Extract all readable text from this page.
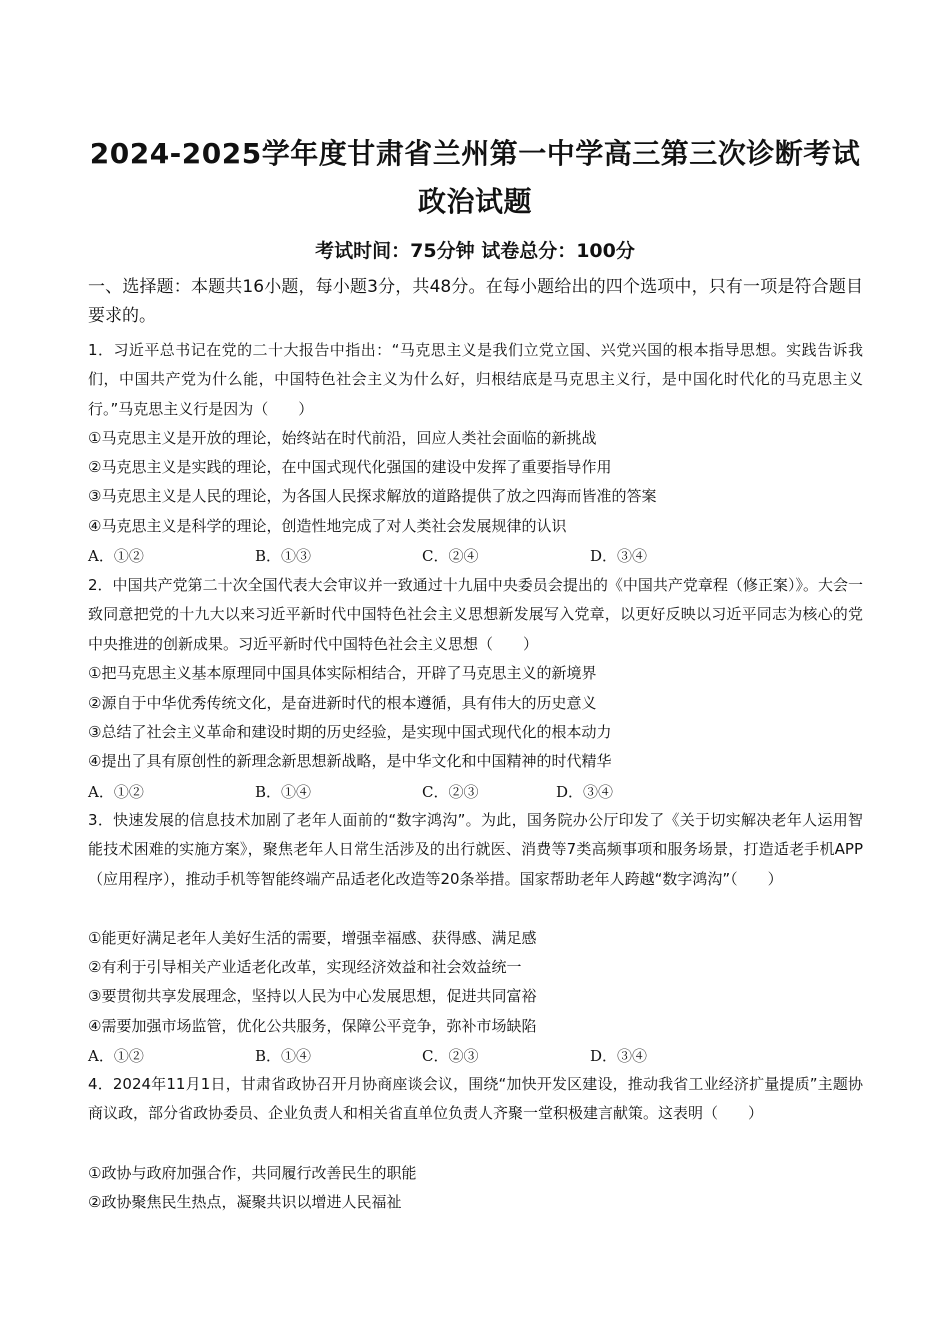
2024-2025学年度甘肃省兰州第一中学高三第三次诊断考试
政治试题
考试时间：75分钟 试卷总分：100分
一、选择题：本题共16小题，每小题3分，共48分。在每小题给出的四个选项中，只有一项是符合题目要求的。
1．习近平总书记在党的二十大报告中指出：“马克思主义是我们立党立国、兴党兴国的根本指导思想。实践告诉我们，中国共产党为什么能，中国特色社会主义为什么好，归根结底是马克思主义行，是中国化时代化的马克思主义行。”马克思主义行是因为（　　）
①马克思主义是开放的理论，始终站在时代前沿，回应人类社会面临的新挑战
②马克思主义是实践的理论，在中国式现代化强国的建设中发挥了重要指导作用
③马克思主义是人民的理论，为各国人民探求解放的道路提供了放之四海而皆准的答案
④马克思主义是科学的理论，创造性地完成了对人类社会发展规律的认识
A．①②	B．①③	C．②④	D．③④
2．中国共产党第二十次全国代表大会审议并一致通过十九届中央委员会提出的《中国共产党章程（修正案）》。大会一致同意把党的十九大以来习近平新时代中国特色社会主义思想新发展写入党章，以更好反映以习近平同志为核心的党中央推进的创新成果。习近平新时代中国特色社会主义思想（　　）
①把马克思主义基本原理同中国具体实际相结合，开辟了马克思主义的新境界
②源自于中华优秀传统文化，是奋进新时代的根本遵循，具有伟大的历史意义
③总结了社会主义革命和建设时期的历史经验，是实现中国式现代化的根本动力
④提出了具有原创性的新理念新思想新战略，是中华文化和中国精神的时代精华
A．①②	B．①④	C．②③	D．③④
3．快速发展的信息技术加剧了老年人面前的“数字鸿沟”。为此，国务院办公厅印发了《关于切实解决老年人运用智能技术困难的实施方案》，聚焦老年人日常生活涉及的出行就医、消费等7类高频事项和服务场景，打造适老手机APP（应用程序），推动手机等智能终端产品适老化改造等20条举措。国家帮助老年人跨越“数字鸿沟”（　　）
①能更好满足老年人美好生活的需要，增强幸福感、获得感、满足感
②有利于引导相关产业适老化改革，实现经济效益和社会效益统一
③要贯彻共享发展理念，坚持以人民为中心发展思想，促进共同富裕
④需要加强市场监管，优化公共服务，保障公平竞争，弥补市场缺陷
A．①②	B．①④	C．②③	D．③④
4．2024年11月1日，甘肃省政协召开月协商座谈会议，围绕“加快开发区建设，推动我省工业经济扩量提质”主题协商议政，部分省政协委员、企业负责人和相关省直单位负责人齐聚一堂积极建言献策。这表明（　　）
①政协与政府加强合作，共同履行改善民生的职能
②政协聚焦民生热点，凝聚共识以增进人民福祉
